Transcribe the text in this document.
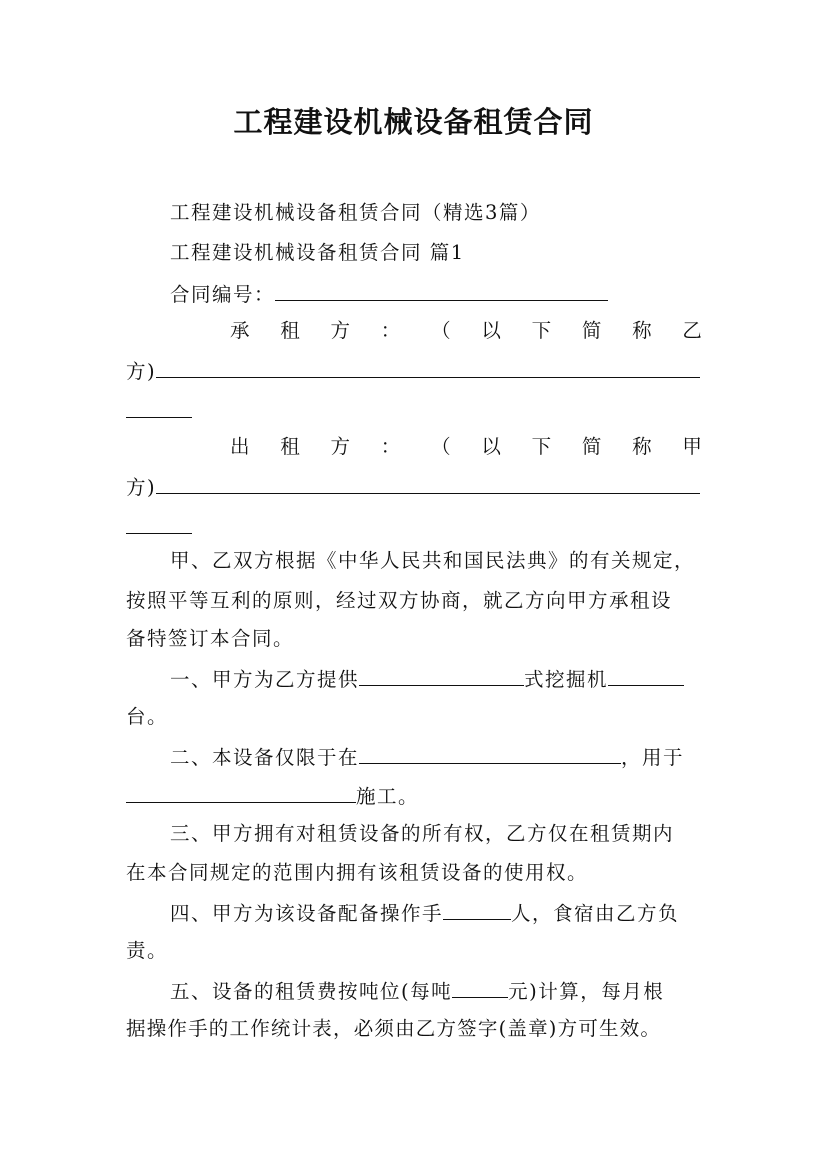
工程建设机械设备租赁合同
工程建设机械设备租赁合同（精选3篇）
工程建设机械设备租赁合同 篇1
合同编号：
承 租 方 ： （ 以 下 简 称 乙
方)
出 租 方 ： （ 以 下 简 称 甲
方)
甲、乙双方根据《中华人民共和国民法典》的有关规定，
按照平等互利的原则，经过双方协商，就乙方向甲方承租设
备特签订本合同。
一、甲方为乙方提供	式挖掘机
台。
二、本设备仅限于在	，用于
施工。
三、甲方拥有对租赁设备的所有权，乙方仅在租赁期内
在本合同规定的范围内拥有该租赁设备的使用权。
四、甲方为该设备配备操作手	人，食宿由乙方负
责。
五、设备的租赁费按吨位(每吨	元)计算，每月根
据操作手的工作统计表，必须由乙方签字(盖章)方可生效。
